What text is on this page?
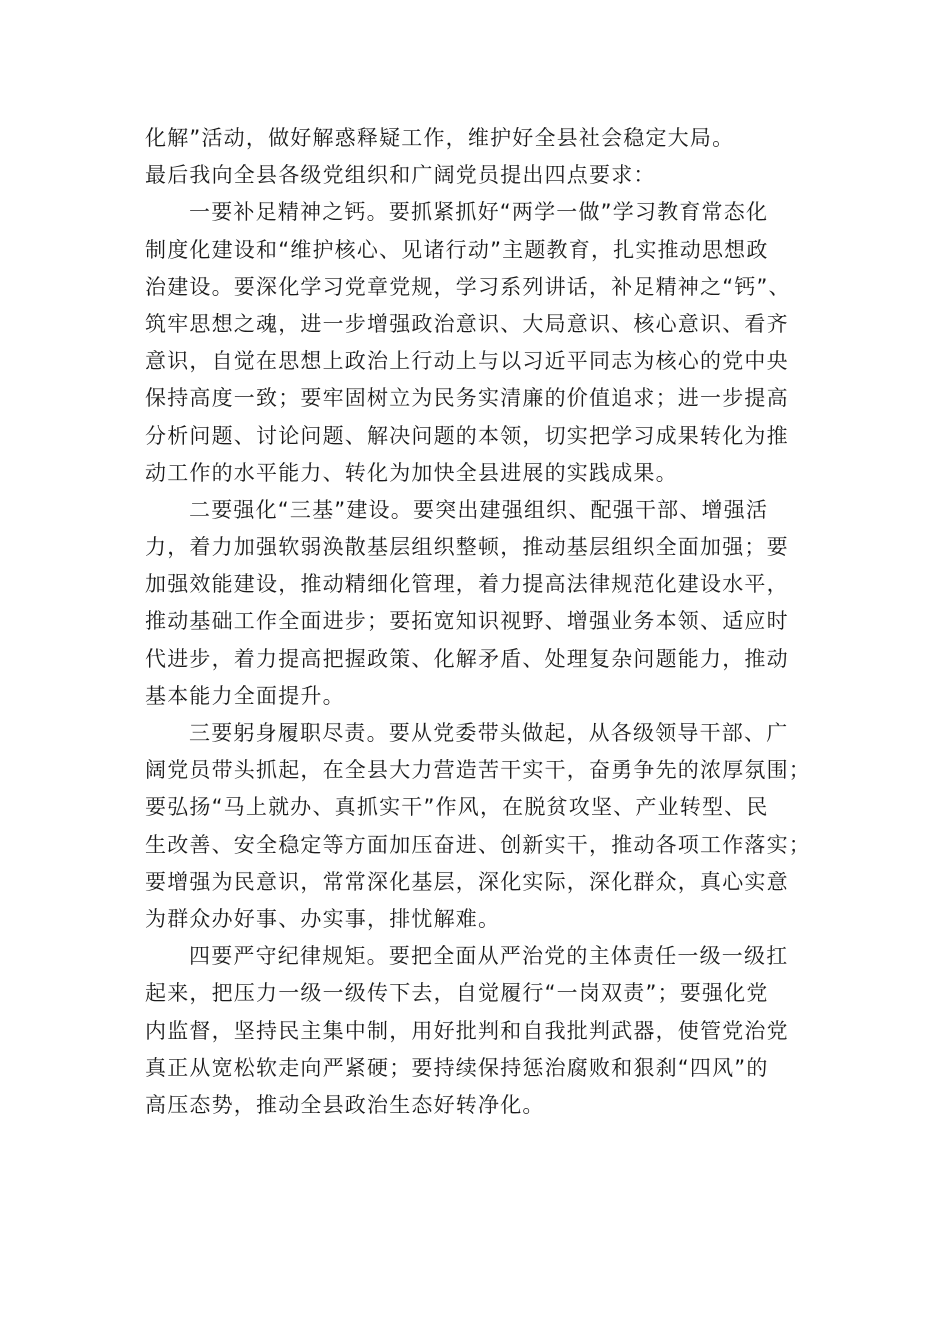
化解”活动，做好解惑释疑工作，维护好全县社会稳定大局。
最后我向全县各级党组织和广阔党员提出四点要求：
一要补足精神之钙。要抓紧抓好“两学一做”学习教育常态化
制度化建设和“维护核心、见诸行动”主题教育，扎实推动思想政
治建设。要深化学习党章党规，学习系列讲话，补足精神之“钙”、
筑牢思想之魂，进一步增强政治意识、大局意识、核心意识、看齐
意识，自觉在思想上政治上行动上与以习近平同志为核心的党中央
保持高度一致；要牢固树立为民务实清廉的价值追求；进一步提高
分析问题、讨论问题、解决问题的本领，切实把学习成果转化为推
动工作的水平能力、转化为加快全县进展的实践成果。
二要强化“三基”建设。要突出建强组织、配强干部、增强活
力，着力加强软弱涣散基层组织整顿，推动基层组织全面加强；要
加强效能建设，推动精细化管理，着力提高法律规范化建设水平，
推动基础工作全面进步；要拓宽知识视野、增强业务本领、适应时
代进步，着力提高把握政策、化解矛盾、处理复杂问题能力，推动
基本能力全面提升。
三要躬身履职尽责。要从党委带头做起，从各级领导干部、广
阔党员带头抓起，在全县大力营造苦干实干，奋勇争先的浓厚氛围；
要弘扬“马上就办、真抓实干”作风，在脱贫攻坚、产业转型、民
生改善、安全稳定等方面加压奋进、创新实干，推动各项工作落实；
要增强为民意识，常常深化基层，深化实际，深化群众，真心实意
为群众办好事、办实事，排忧解难。
四要严守纪律规矩。要把全面从严治党的主体责任一级一级扛
起来，把压力一级一级传下去，自觉履行“一岗双责”；要强化党
内监督，坚持民主集中制，用好批判和自我批判武器，使管党治党
真正从宽松软走向严紧硬；要持续保持惩治腐败和狠刹“四风”的
高压态势，推动全县政治生态好转净化。
